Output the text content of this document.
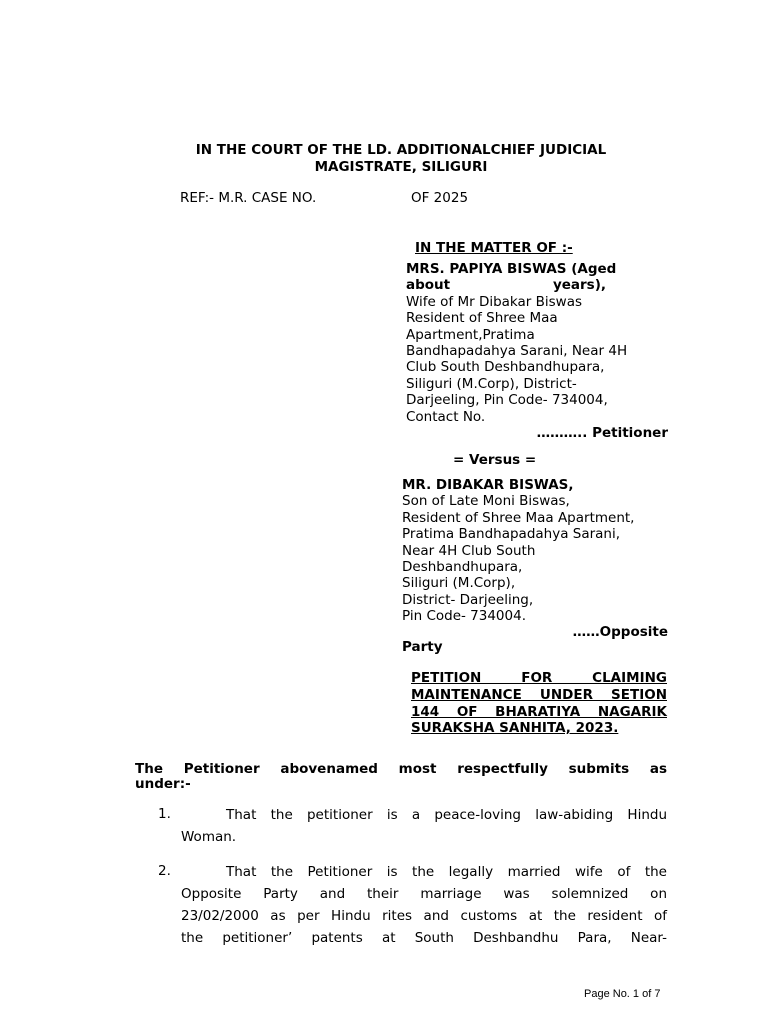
IN THE COURT OF THE LD. ADDITIONALCHIEF JUDICIAL
MAGISTRATE, SILIGURI
REF:- M.R. CASE NO.	OF 2025
IN THE MATTER OF :-
MRS. PAPIYA BISWAS (Aged
about	years),
Wife of Mr Dibakar Biswas
Resident of Shree Maa
Apartment,Pratima
Bandhapadahya Sarani, Near 4H
Club South Deshbandhupara,
Siliguri (M.Corp), District-
Darjeeling, Pin Code- 734004,
Contact No.
……….. Petitioner
= Versus =
MR. DIBAKAR BISWAS,
Son of Late Moni Biswas,
Resident of Shree Maa Apartment,
Pratima Bandhapadahya Sarani,
Near 4H Club South
Deshbandhupara,
Siliguri (M.Corp),
District- Darjeeling,
Pin Code- 734004.
……Opposite
Party
PETITION FOR CLAIMING
MAINTENANCE UNDER SETION
144 OF BHARATIYA NAGARIK
SURAKSHA SANHITA, 2023.
The Petitioner abovenamed most respectfully submits as
under:-
1.	That the petitioner is a peace-loving law-abiding Hindu
Woman.
2.	That the Petitioner is the legally married wife of the
Opposite Party and their marriage was solemnized on
23/02/2000 as per Hindu rites and customs at the resident of
the petitioner’ patents at South Deshbandhu Para, Near-
Page No. 1 of 7
